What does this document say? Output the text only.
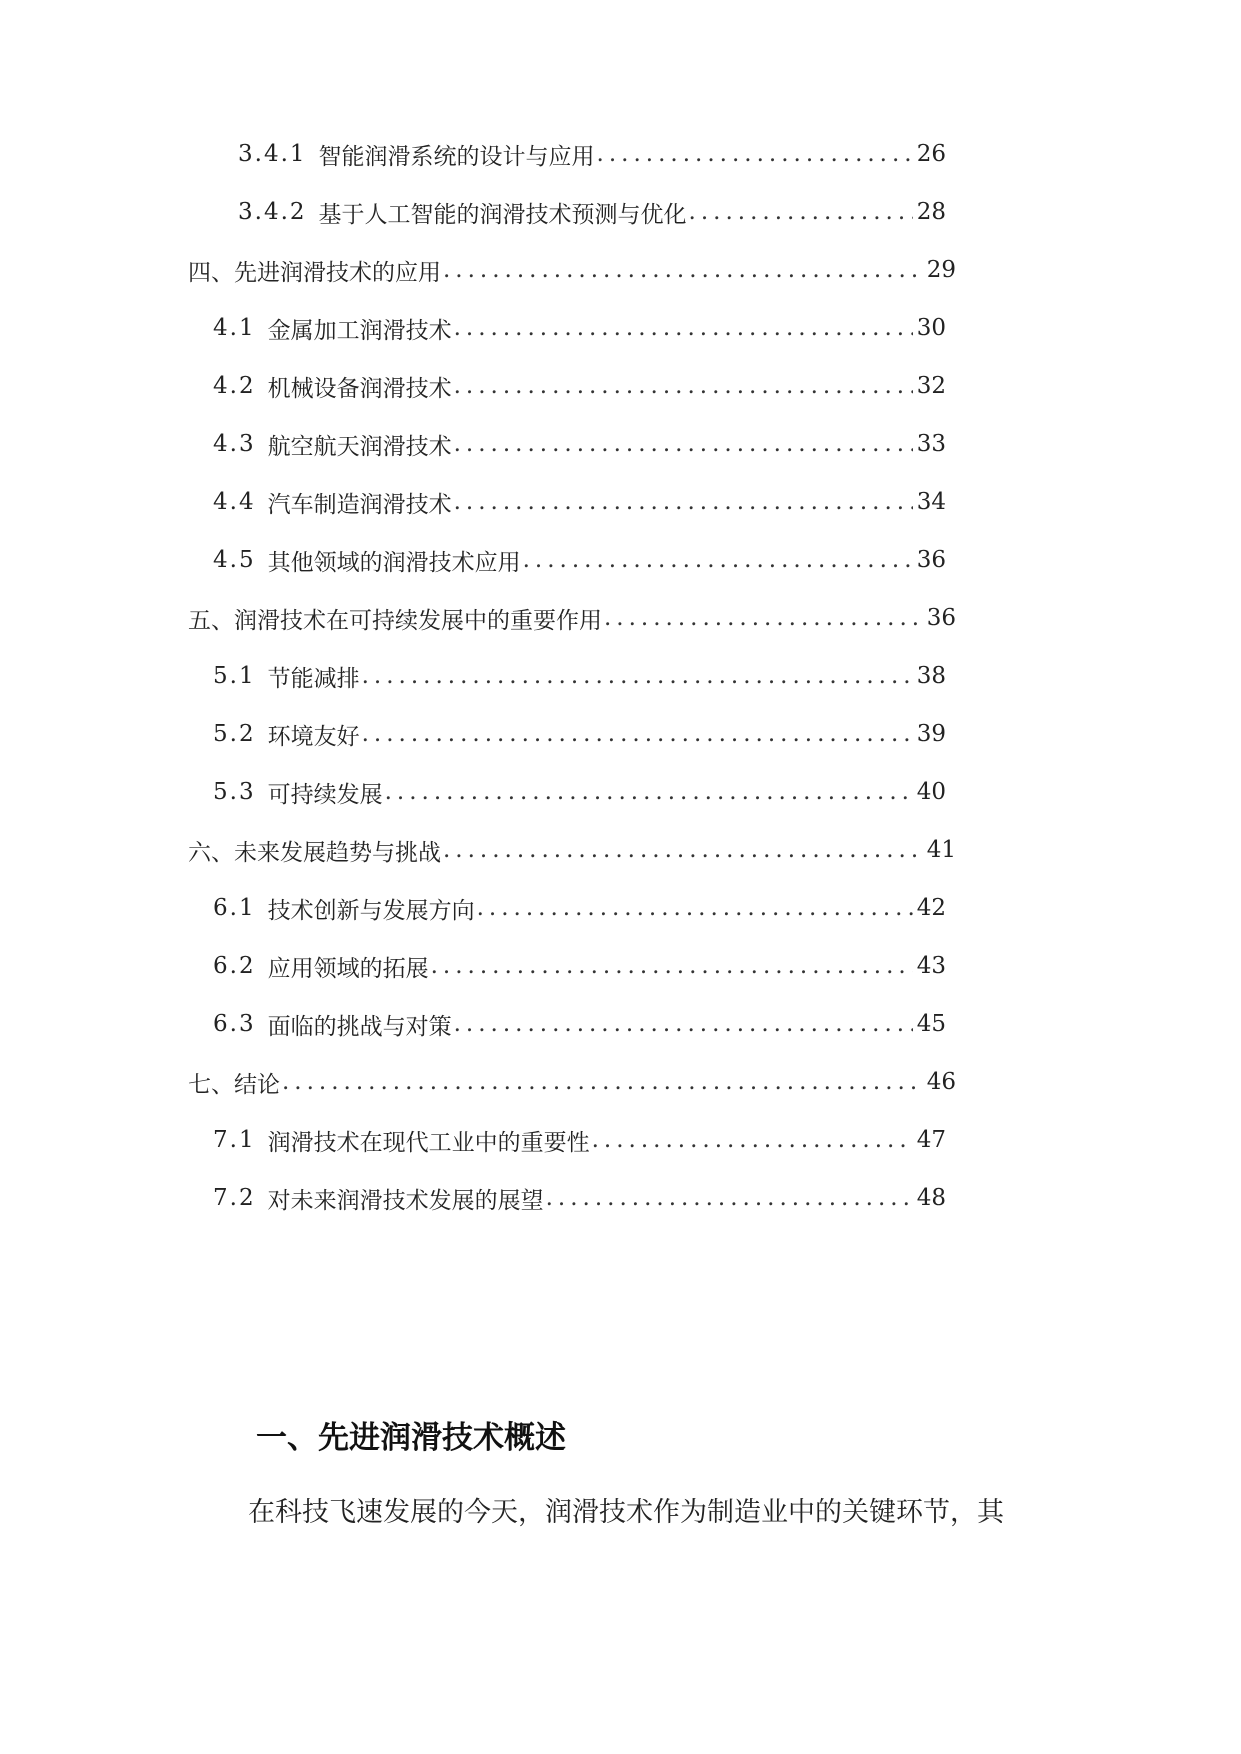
3.4.1 智能润滑系统的设计与应用 .....	26
3.4.2 基于人工智能的润滑技术预测与优化 .....	28
四、先进润滑技术的应用 .....	29
4.1 金属加工润滑技术 .....	30
4.2 机械设备润滑技术 .....	32
4.3 航空航天润滑技术 .....	33
4.4 汽车制造润滑技术 .....	34
4.5 其他领域的润滑技术应用 .....	36
五、润滑技术在可持续发展中的重要作用 .....	36
5.1 节能减排 .....	38
5.2 环境友好 .....	39
5.3 可持续发展 .....	40
六、未来发展趋势与挑战 .....	41
6.1 技术创新与发展方向 .....	42
6.2 应用领域的拓展 .....	43
6.3 面临的挑战与对策 .....	45
七、结论 .....	46
7.1 润滑技术在现代工业中的重要性 .....	47
7.2 对未来润滑技术发展的展望 .....	48
一、先进润滑技术概述
在科技飞速发展的今天，润滑技术作为制造业中的关键环节，其
